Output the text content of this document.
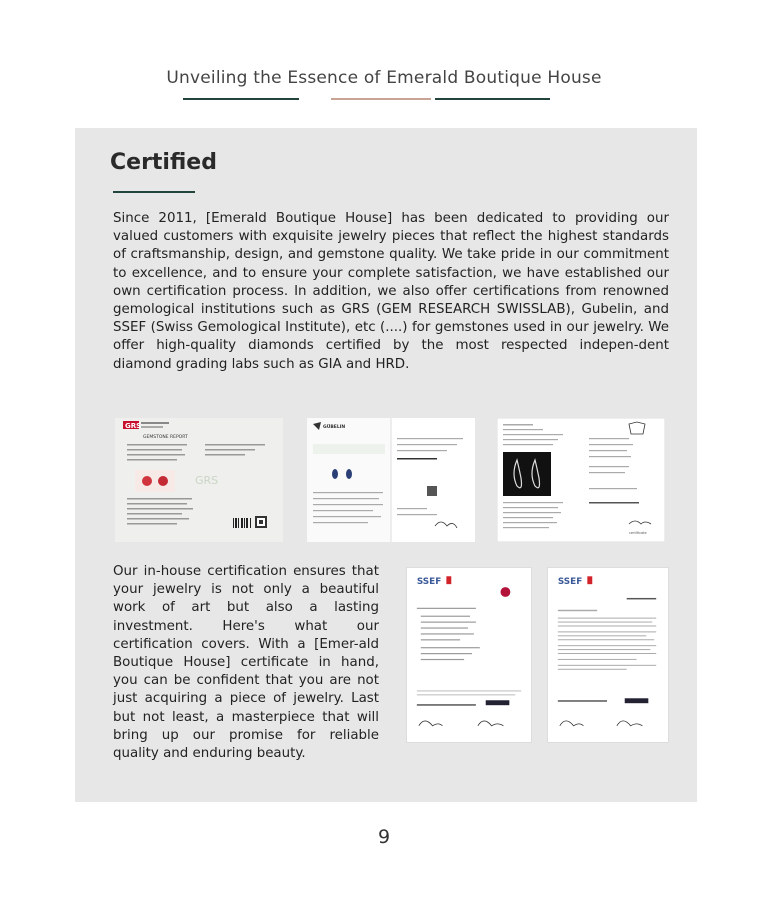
Unveiling the Essence of Emerald Boutique House
Certified

Since 2011, [Emerald Boutique House] has been dedicated to providing our valued customers with exquisite jewelry pieces that reflect the highest standards of craftsmanship, design, and gemstone quality. We take pride in our commitment to excellence, and to ensure your complete satisfaction, we have established our own certification process. In addition, we also offer certifications from renowned gemological institutions such as GRS (GEM RESEARCH SWISSLAB), Gubelin, and SSEF (Swiss Gemological Institute), etc (....) for gemstones used in our jewelry. We offer high-quality diamonds certified by the most respected indepen-dent diamond grading labs such as GIA and HRD.

GRS
GEMSTONE REPORT
GRS
GÜBELIN
certificate

Our in-house certification ensures that your jewelry is not only a beautiful work of art but also a lasting investment. Here's what our certification covers. With a [Emer-ald Boutique House] certificate in hand, you can be confident that you are not just acquiring a piece of jewelry. Last but not least, a masterpiece that will bring up our promise for reliable quality and enduring beauty.

SSEF	SSEF
9
